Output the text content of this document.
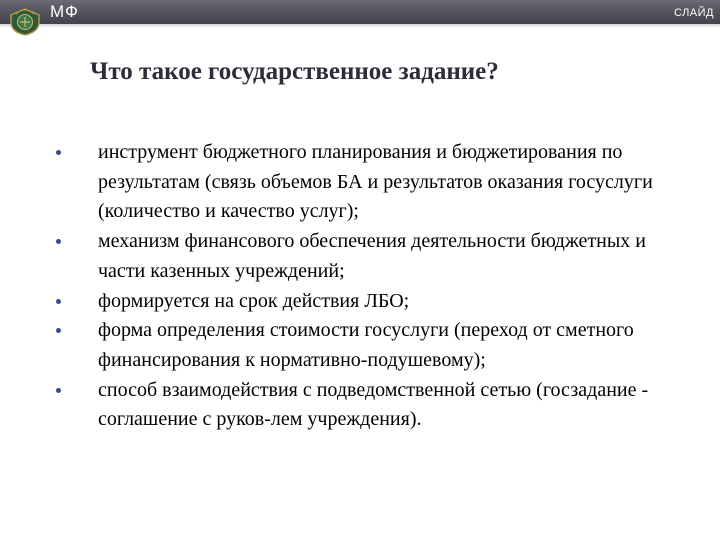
МФ	СЛАЙД
Что такое государственное задание?
инструмент бюджетного планирования и бюджетирования по результатам (связь объемов БА и результатов оказания госуслуги (количество и качество услуг);
механизм финансового обеспечения деятельности бюджетных и части казенных учреждений;
формируется на срок действия ЛБО;
форма определения стоимости госуслуги (переход от сметного финансирования к нормативно-подушевому);
способ взаимодействия с подведомственной сетью (госзадание - соглашение с руков-лем учреждения).
